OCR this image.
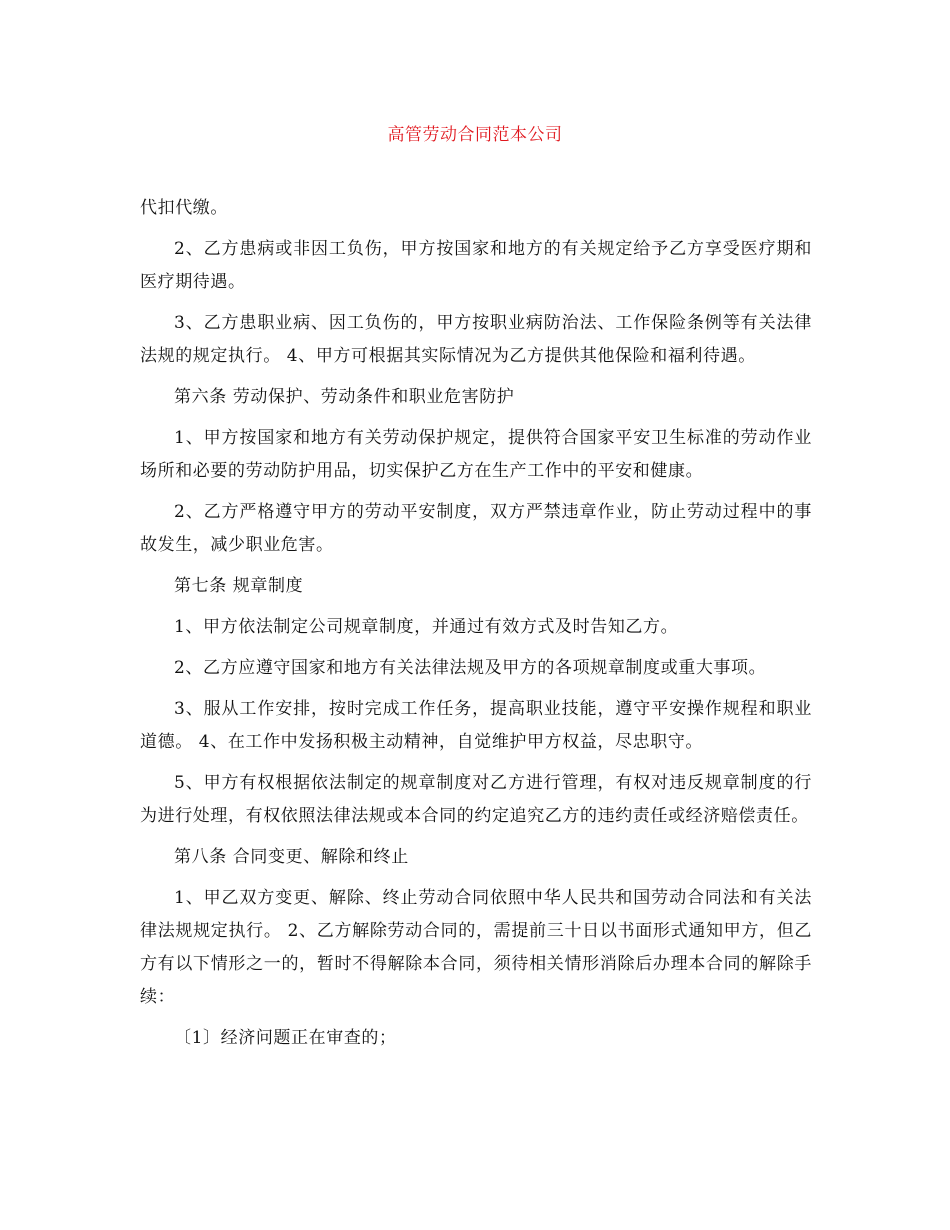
高管劳动合同范本公司

代扣代缴。

2、乙方患病或非因工负伤，甲方按国家和地方的有关规定给予乙方享受医疗期和医疗期待遇。

3、乙方患职业病、因工负伤的，甲方按职业病防治法、工作保险条例等有关法律法规的规定执行。 4、甲方可根据其实际情况为乙方提供其他保险和福利待遇。

第六条 劳动保护、劳动条件和职业危害防护

1、甲方按国家和地方有关劳动保护规定，提供符合国家平安卫生标准的劳动作业场所和必要的劳动防护用品，切实保护乙方在生产工作中的平安和健康。

2、乙方严格遵守甲方的劳动平安制度，双方严禁违章作业，防止劳动过程中的事故发生，减少职业危害。

第七条 规章制度

1、甲方依法制定公司规章制度，并通过有效方式及时告知乙方。

2、乙方应遵守国家和地方有关法律法规及甲方的各项规章制度或重大事项。

3、服从工作安排，按时完成工作任务，提高职业技能，遵守平安操作规程和职业道德。 4、在工作中发扬积极主动精神，自觉维护甲方权益，尽忠职守。

5、甲方有权根据依法制定的规章制度对乙方进行管理，有权对违反规章制度的行为进行处理，有权依照法律法规或本合同的约定追究乙方的违约责任或经济赔偿责任。

第八条 合同变更、解除和终止

1、甲乙双方变更、解除、终止劳动合同依照中华人民共和国劳动合同法和有关法律法规规定执行。 2、乙方解除劳动合同的，需提前三十日以书面形式通知甲方，但乙方有以下情形之一的，暂时不得解除本合同，须待相关情形消除后办理本合同的解除手续：

〔1〕经济问题正在审查的；
